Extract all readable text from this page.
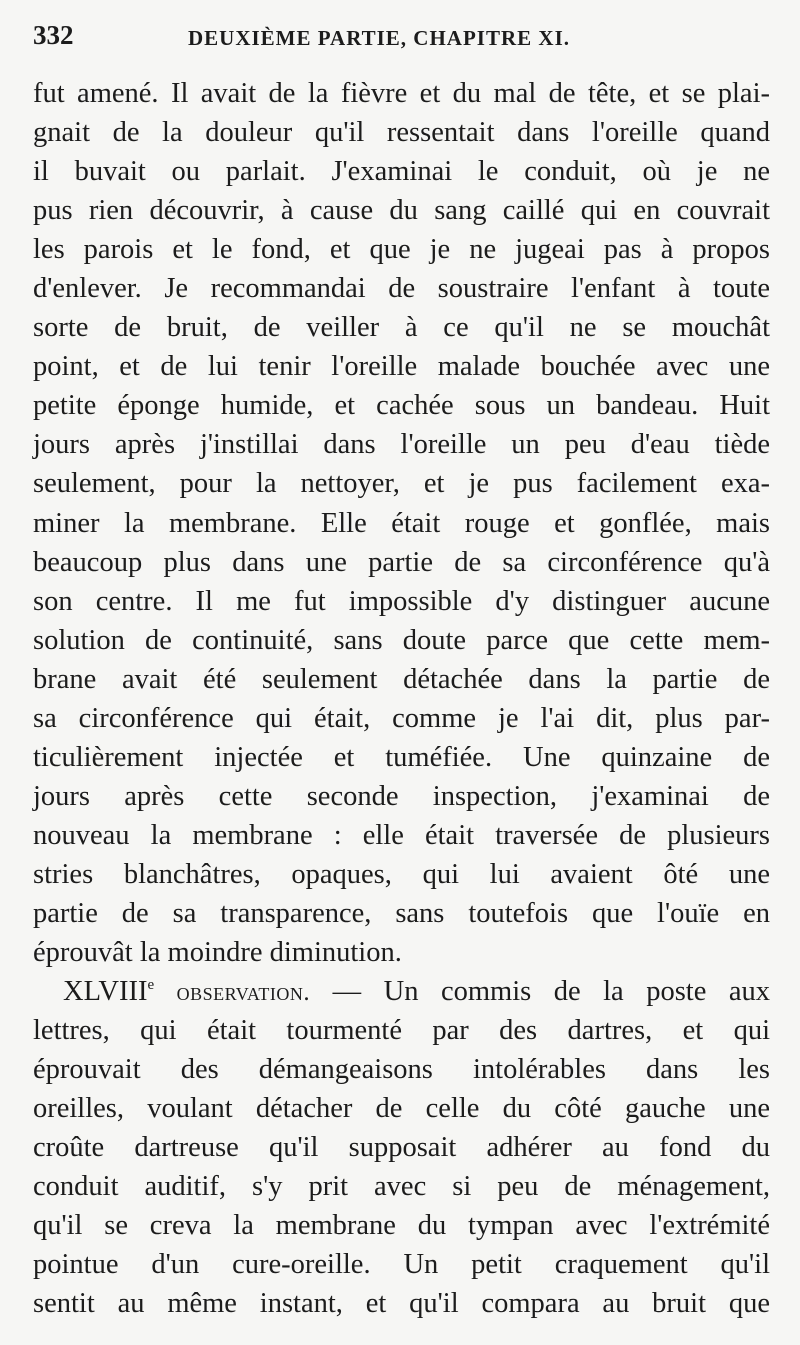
332	DEUXIÈME PARTIE, CHAPITRE XI.
fut amené. Il avait de la fièvre et du mal de tête, et se plai-
gnait de la douleur qu'il ressentait dans l'oreille quand
il buvait ou parlait. J'examinai le conduit, où je ne
pus rien découvrir, à cause du sang caillé qui en couvrait
les parois et le fond, et que je ne jugeai pas à propos
d'enlever. Je recommandai de soustraire l'enfant à toute
sorte de bruit, de veiller à ce qu'il ne se mouchât
point, et de lui tenir l'oreille malade bouchée avec une
petite éponge humide, et cachée sous un bandeau. Huit
jours après j'instillai dans l'oreille un peu d'eau tiède
seulement, pour la nettoyer, et je pus facilement exa-
miner la membrane. Elle était rouge et gonflée, mais
beaucoup plus dans une partie de sa circonférence qu'à
son centre. Il me fut impossible d'y distinguer aucune
solution de continuité, sans doute parce que cette mem-
brane avait été seulement détachée dans la partie de
sa circonférence qui était, comme je l'ai dit, plus par-
ticulièrement injectée et tuméfiée. Une quinzaine de
jours après cette seconde inspection, j'examinai de
nouveau la membrane : elle était traversée de plusieurs
stries blanchâtres, opaques, qui lui avaient ôté une
partie de sa transparence, sans toutefois que l'ouïe en
éprouvât la moindre diminution.
XLVIIIe observation. — Un commis de la poste aux
lettres, qui était tourmenté par des dartres, et qui
éprouvait des démangeaisons intolérables dans les
oreilles, voulant détacher de celle du côté gauche une
croûte dartreuse qu'il supposait adhérer au fond du
conduit auditif, s'y prit avec si peu de ménagement,
qu'il se creva la membrane du tympan avec l'extrémité
pointue d'un cure-oreille. Un petit craquement qu'il
sentit au même instant, et qu'il compara au bruit que
